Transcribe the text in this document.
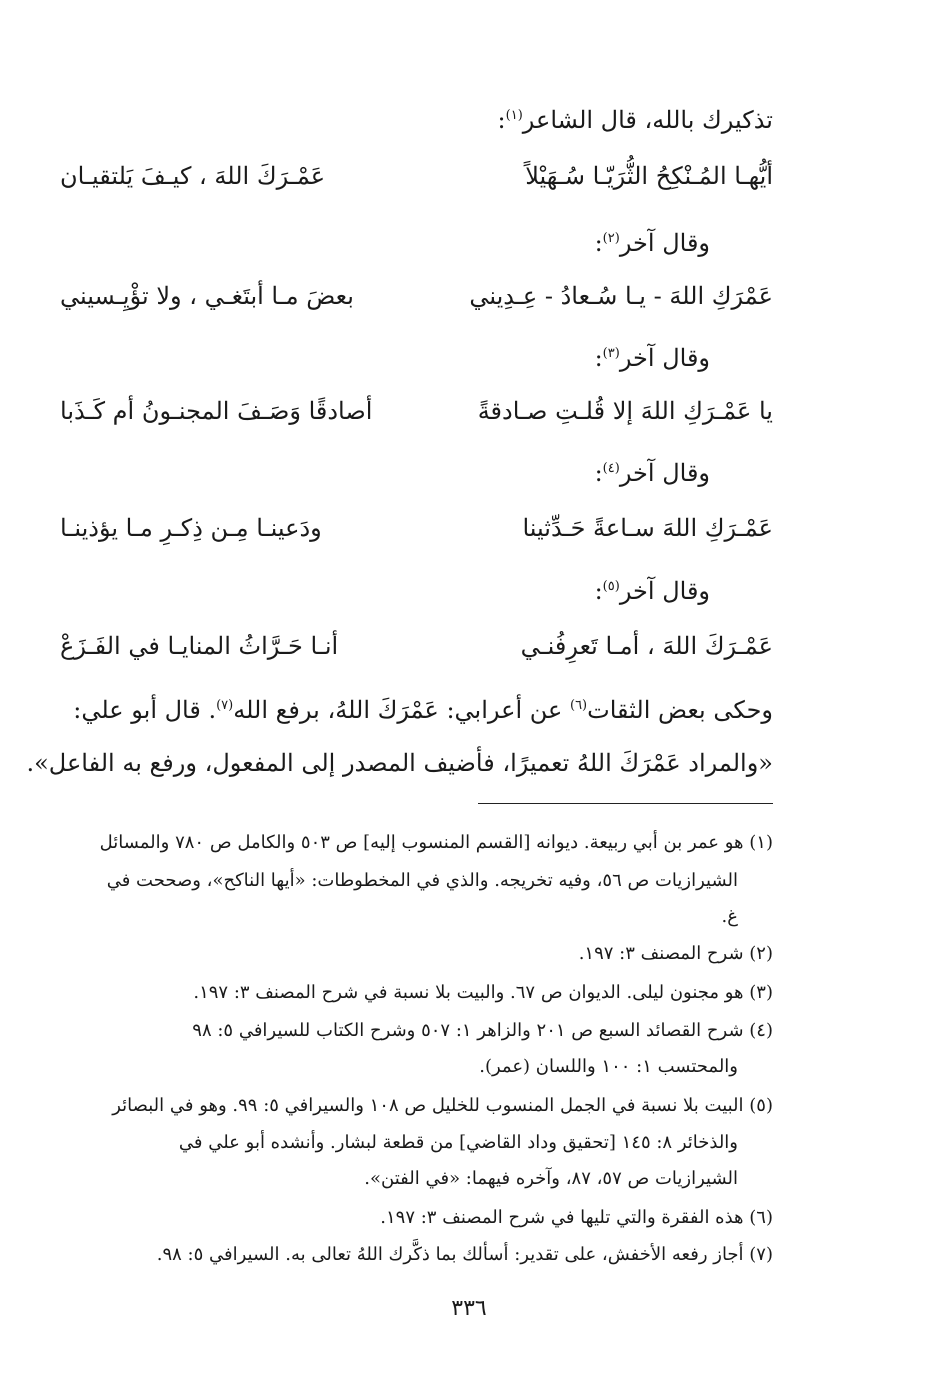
تذكيرك بالله، قال الشاعر$^{(١)}$:
أيُّهـا المُـنْكِحُ الثُّرَيّـا سُـهَيْلاً
عَمْـرَكَ اللهَ ، كيـفَ يَلتقيـان
وقال آخر$^{(٢)}$:
عَمْرَكِ اللهَ - يـا سُـعادُ - عِـدِيني
بعضَ مـا أبتَغـي ، ولا تؤْيِـسيني
وقال آخر$^{(٣)}$:
يا عَمْـرَكِ اللهَ إلا قُلـتِ صـادقةً
أصادقًا وَصَـفَ المجنـونُ أم كَـذَبا
وقال آخر$^{(٤)}$:
عَمْـرَكِ اللهَ سـاعةً حَـدِّثينا
ودَعينـا مِـن ذِكـرِ مـا يؤذينـا
وقال آخر$^{(٥)}$:
عَمْـرَكَ اللهَ ، أمـا تَعرِفُنـي
أنـا حَـرَّاثُ المنايـا في الفَـزَعْ
وحكى بعض الثقات$^{(٦)}$ عن أعرابي: عَمْرَكَ اللهُ، برفع الله$^{(٧)}$. قال أبو علي:
«والمراد عَمْرَكَ اللهُ تعميرًا، فأضيف المصدر إلى المفعول، ورفع به الفاعل».
(١) هو عمر بن أبي ربيعة. ديوانه [القسم المنسوب إليه] ص ٥٠٣ والكامل ص ٧٨٠ والمسائل
الشيرازيات ص ٥٦، وفيه تخريجه. والذي في المخطوطات: «أيها الناكح»، وصححت في
غ.
(٢) شرح المصنف ٣: ١٩٧.
(٣) هو مجنون ليلى. الديوان ص ٦٧. والبيت بلا نسبة في شرح المصنف ٣: ١٩٧.
(٤) شرح القصائد السبع ص ٢٠١ والزاهر ١: ٥٠٧ وشرح الكتاب للسيرافي ٥: ٩٨
والمحتسب ١: ١٠٠ واللسان (عمر).
(٥) البيت بلا نسبة في الجمل المنسوب للخليل ص ١٠٨ والسيرافي ٥: ٩٩. وهو في البصائر
والذخائر ٨: ١٤٥ [تحقيق وداد القاضي] من قطعة لبشار. وأنشده أبو علي في
الشيرازيات ص ٥٧، ٨٧، وآخره فيهما: «في الفتن».
(٦) هذه الفقرة والتي تليها في شرح المصنف ٣: ١٩٧.
(٧) أجاز رفعه الأخفش، على تقدير: أسألك بما ذكَّرك اللهُ تعالى به. السيرافي ٥: ٩٨.
٣٣٦
